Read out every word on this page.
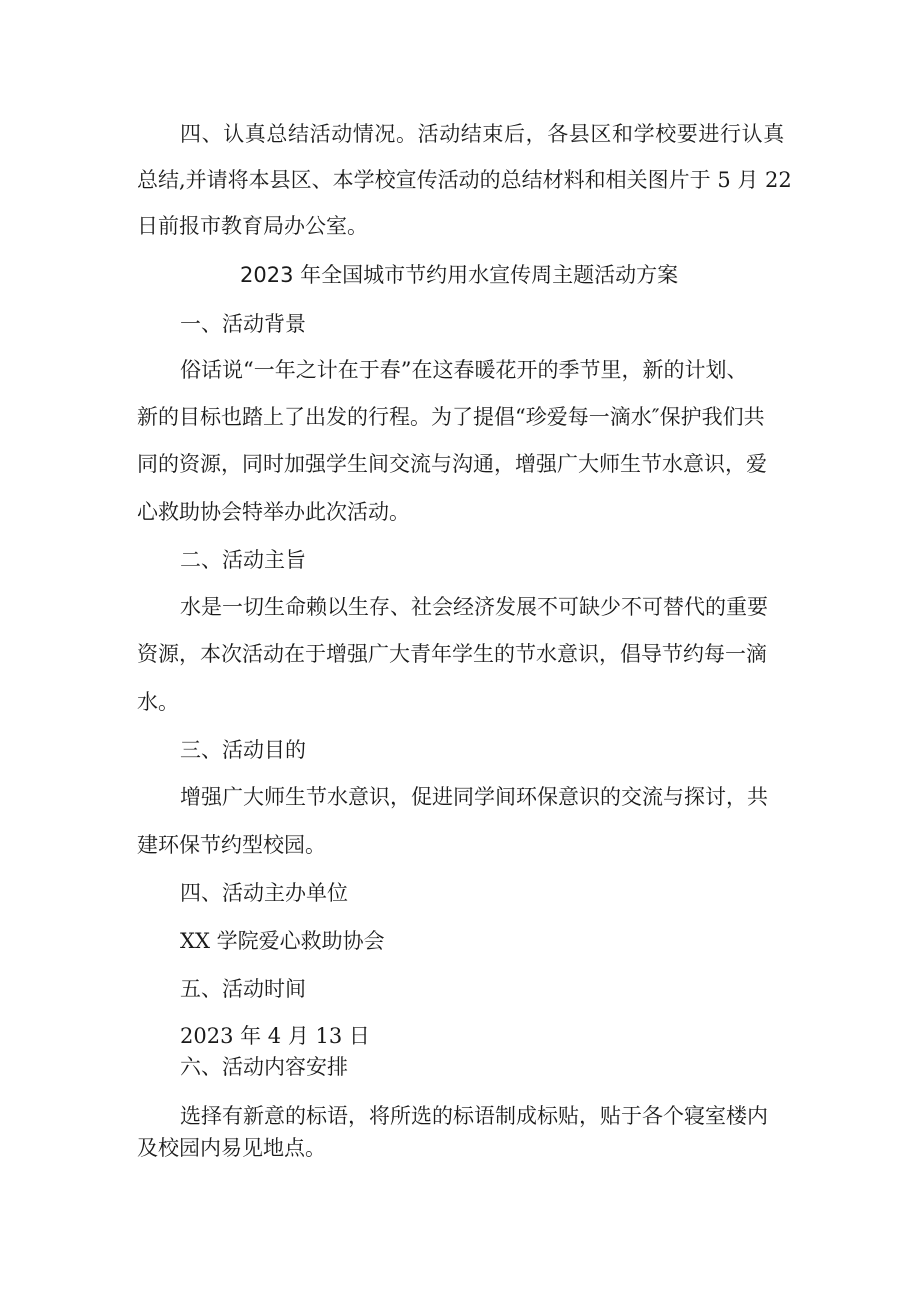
四、认真总结活动情况。活动结束后，各县区和学校要进行认真
总结,并请将本县区、本学校宣传活动的总结材料和相关图片于 5 月 22
日前报市教育局办公室。
2023 年全国城市节约用水宣传周主题活动方案
一、活动背景
俗话说“一年之计在于春”在这春暖花开的季节里，新的计划、
新的目标也踏上了出发的行程。为了提倡“珍爱每一滴水″保护我们共
同的资源，同时加强学生间交流与沟通，增强广大师生节水意识，爱
心救助协会特举办此次活动。
二、活动主旨
水是一切生命赖以生存、社会经济发展不可缺少不可替代的重要
资源，本次活动在于增强广大青年学生的节水意识，倡导节约每一滴
水。
三、活动目的
增强广大师生节水意识，促进同学间环保意识的交流与探讨，共
建环保节约型校园。
四、活动主办单位
XX 学院爱心救助协会
五、活动时间
2023 年 4 月 13 日
六、活动内容安排
选择有新意的标语，将所选的标语制成标贴，贴于各个寝室楼内
及校园内易见地点。
